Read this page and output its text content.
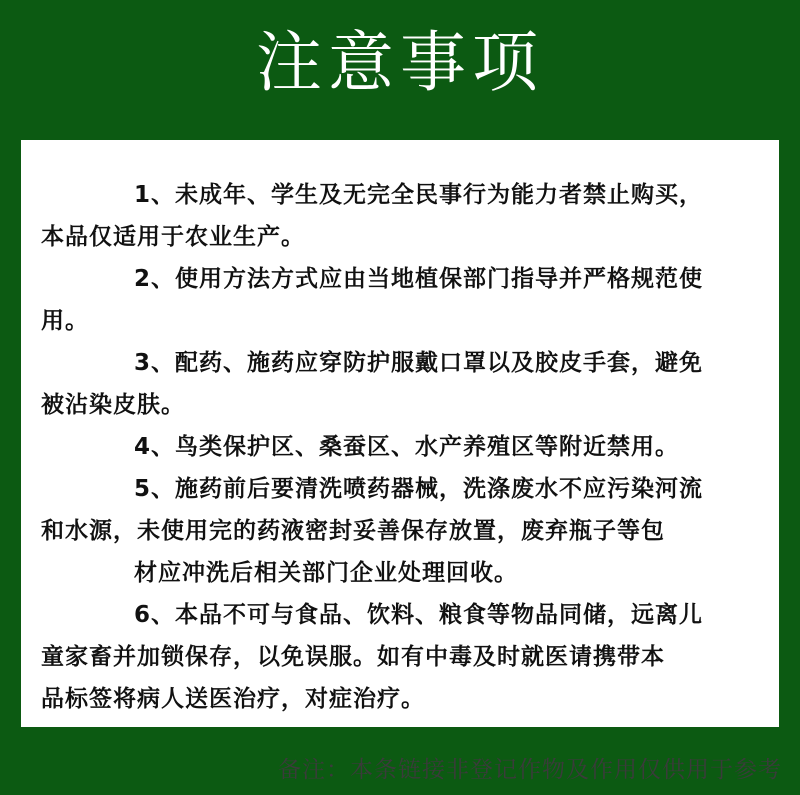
注意事项
1、未成年、学生及无完全民事行为能力者禁止购买，
本品仅适用于农业生产。
2、使用方法方式应由当地植保部门指导并严格规范使
用。
3、配药、施药应穿防护服戴口罩以及胶皮手套，避免
被沾染皮肤。
4、鸟类保护区、桑蚕区、水产养殖区等附近禁用。
5、施药前后要清洗喷药器械，洗涤废水不应污染河流
和水源，未使用完的药液密封妥善保存放置，废弃瓶子等包
材应冲洗后相关部门企业处理回收。
6、本品不可与食品、饮料、粮食等物品同储，远离儿
童家畜并加锁保存，以免误服。如有中毒及时就医请携带本
品标签将病人送医治疗，对症治疗。
备注：本条链接非登记作物及作用仅供用于参考
